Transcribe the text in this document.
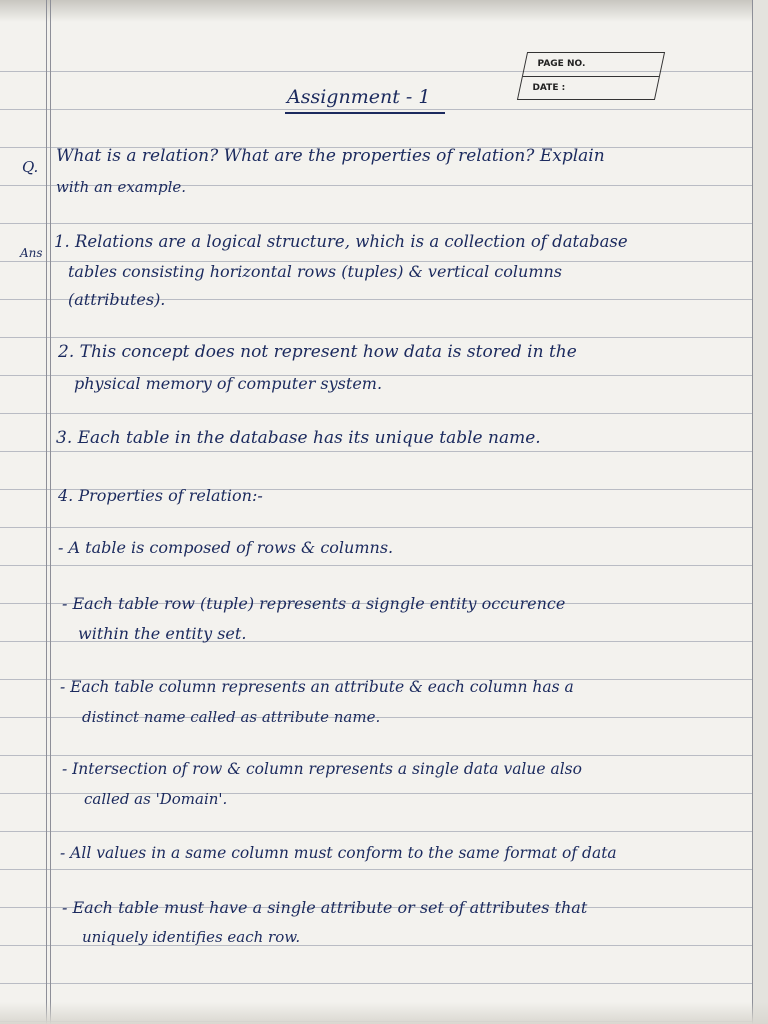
PAGE NO.
DATE :
Assignment - 1
Q.
What is a relation? What are the properties of relation? Explain
with an example.
Ans
1. Relations are a logical structure, which is a collection of database
tables consisting horizontal rows (tuples) & vertical columns
(attributes).
2. This concept does not represent how data is stored in the
physical memory of computer system.
3. Each table in the database has its unique table name.
4. Properties of relation:-
- A table is composed of rows & columns.
- Each table row (tuple) represents a signgle entity occurence
within the entity set.
- Each table column represents an attribute & each column has a
distinct name called as attribute name.
- Intersection of row & column represents a single data value also
called as 'Domain'.
- All values in a same column must conform to the same format of data
- Each table must have a single attribute or set of attributes that
uniquely identifies each row.
